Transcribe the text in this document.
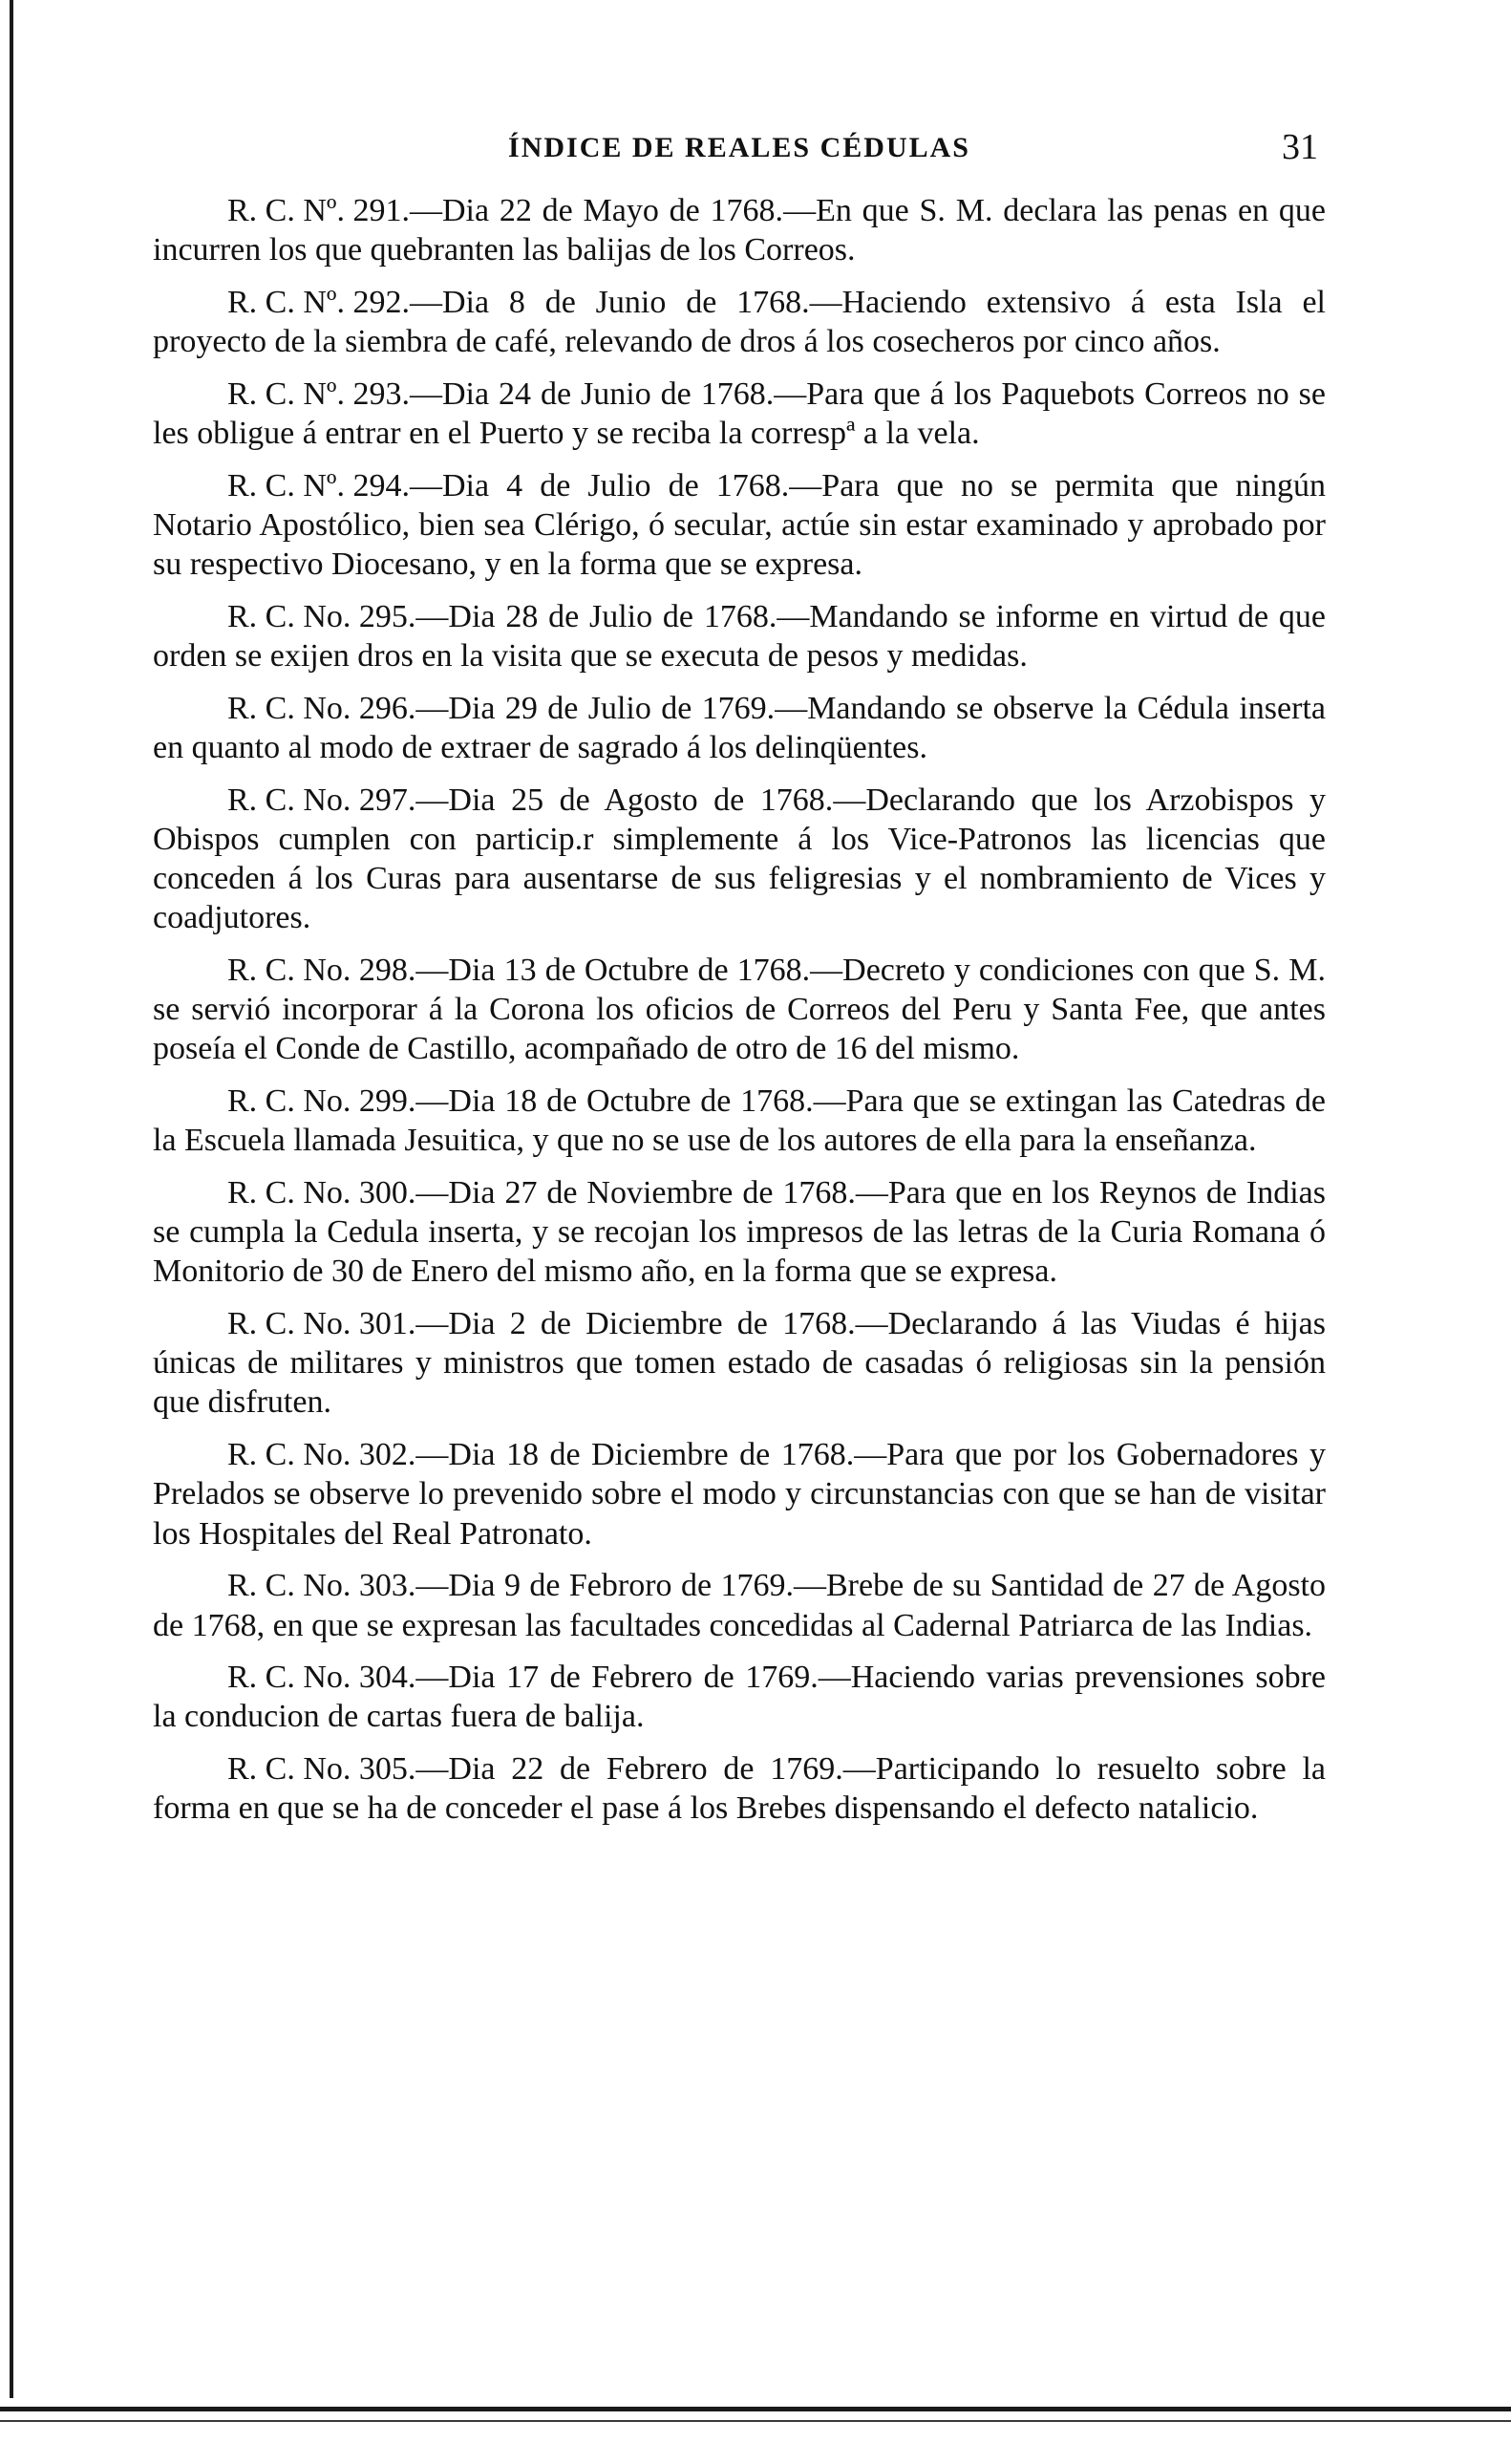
ÍNDICE DE REALES CÉDULAS	31

R. C. Nº. 291.—Dia 22 de Mayo de 1768.—En que S. M. declara las penas en que incurren los que quebranten las balijas de los Correos.

R. C. Nº. 292.—Dia 8 de Junio de 1768.—Haciendo extensivo á esta Isla el proyecto de la siembra de café, relevando de dros á los cosecheros por cinco años.

R. C. Nº. 293.—Dia 24 de Junio de 1768.—Para que á los Paquebots Correos no se les obligue á entrar en el Puerto y se reciba la correspª a la vela.

R. C. Nº. 294.—Dia 4 de Julio de 1768.—Para que no se permita que ningún Notario Apostólico, bien sea Clérigo, ó secular, actúe sin estar examinado y aprobado por su respectivo Diocesano, y en la forma que se expresa.

R. C. No. 295.—Dia 28 de Julio de 1768.—Mandando se informe en virtud de que orden se exijen dros en la visita que se executa de pesos y medidas.

R. C. No. 296.—Dia 29 de Julio de 1769.—Mandando se observe la Cédula inserta en quanto al modo de extraer de sagrado á los delinqüentes.

R. C. No. 297.—Dia 25 de Agosto de 1768.—Declarando que los Arzobispos y Obispos cumplen con particip.r simplemente á los Vice-Patronos las licencias que conceden á los Curas para ausentarse de sus feligresias y el nombramiento de Vices y coadjutores.

R. C. No. 298.—Dia 13 de Octubre de 1768.—Decreto y condiciones con que S. M. se servió incorporar á la Corona los oficios de Correos del Peru y Santa Fee, que antes poseía el Conde de Castillo, acompañado de otro de 16 del mismo.

R. C. No. 299.—Dia 18 de Octubre de 1768.—Para que se extingan las Catedras de la Escuela llamada Jesuitica, y que no se use de los autores de ella para la enseñanza.

R. C. No. 300.—Dia 27 de Noviembre de 1768.—Para que en los Reynos de Indias se cumpla la Cedula inserta, y se recojan los impresos de las letras de la Curia Romana ó Monitorio de 30 de Enero del mismo año, en la forma que se expresa.

R. C. No. 301.—Dia 2 de Diciembre de 1768.—Declarando á las Viudas é hijas únicas de militares y ministros que tomen estado de casadas ó religiosas sin la pensión que disfruten.

R. C. No. 302.—Dia 18 de Diciembre de 1768.—Para que por los Gobernadores y Prelados se observe lo prevenido sobre el modo y circunstancias con que se han de visitar los Hospitales del Real Patronato.

R. C. No. 303.—Dia 9 de Febroro de 1769.—Brebe de su Santidad de 27 de Agosto de 1768, en que se expresan las facultades concedidas al Cadernal Patriarca de las Indias.

R. C. No. 304.—Dia 17 de Febrero de 1769.—Haciendo varias prevensiones sobre la conducion de cartas fuera de balija.

R. C. No. 305.—Dia 22 de Febrero de 1769.—Participando lo resuelto sobre la forma en que se ha de conceder el pase á los Brebes dispensando el defecto natalicio.
